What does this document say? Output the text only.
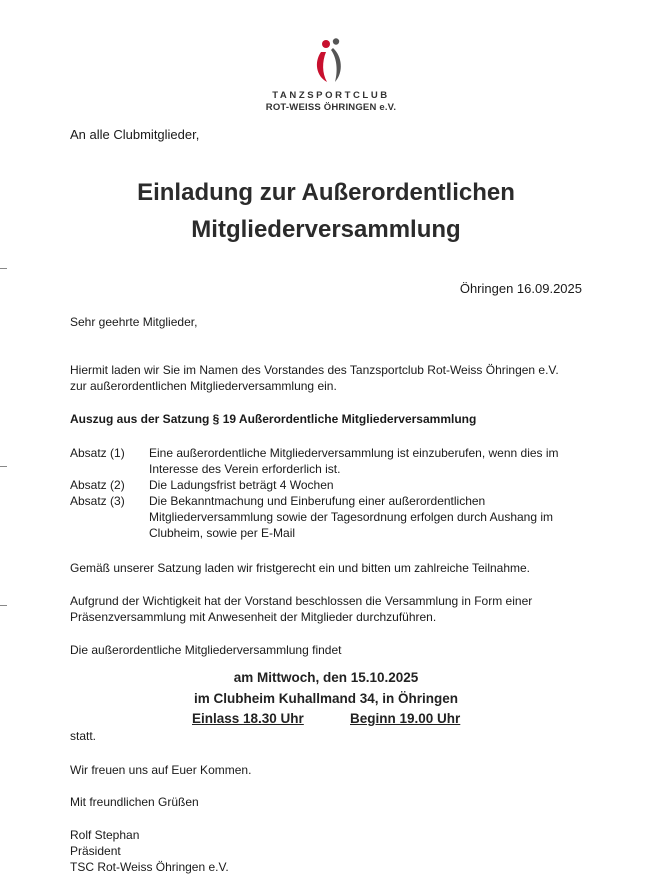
TANZSPORTCLUB
ROT-WEISS ÖHRINGEN e.V.
An alle Clubmitglieder,
Einladung zur Außerordentlichen
Mitgliederversammlung
Öhringen 16.09.2025
Sehr geehrte Mitglieder,
Hiermit laden wir Sie im Namen des Vorstandes des Tanzsportclub Rot-Weiss Öhringen e.V.
zur außerordentlichen Mitgliederversammlung ein.
Auszug aus der Satzung § 19 Außerordentliche Mitgliederversammlung
Absatz (1) Eine außerordentliche Mitgliederversammlung ist einzuberufen, wenn dies im Interesse des Verein erforderlich ist.
Absatz (2) Die Ladungsfrist beträgt 4 Wochen
Absatz (3) Die Bekanntmachung und Einberufung einer außerordentlichen Mitgliederversammlung sowie der Tagesordnung erfolgen durch Aushang im Clubheim, sowie per E-Mail
Gemäß unserer Satzung laden wir fristgerecht ein und bitten um zahlreiche Teilnahme.
Aufgrund der Wichtigkeit hat der Vorstand beschlossen die Versammlung in Form einer
Präsenzversammlung mit Anwesenheit der Mitglieder durchzuführen.
Die außerordentliche Mitgliederversammlung findet
am Mittwoch, den 15.10.2025
im Clubheim Kuhallmand 34, in Öhringen
Einlass 18.30 Uhr	Beginn 19.00 Uhr
statt.
Wir freuen uns auf Euer Kommen.
Mit freundlichen Grüßen
Rolf Stephan
Präsident
TSC Rot-Weiss Öhringen e.V.
